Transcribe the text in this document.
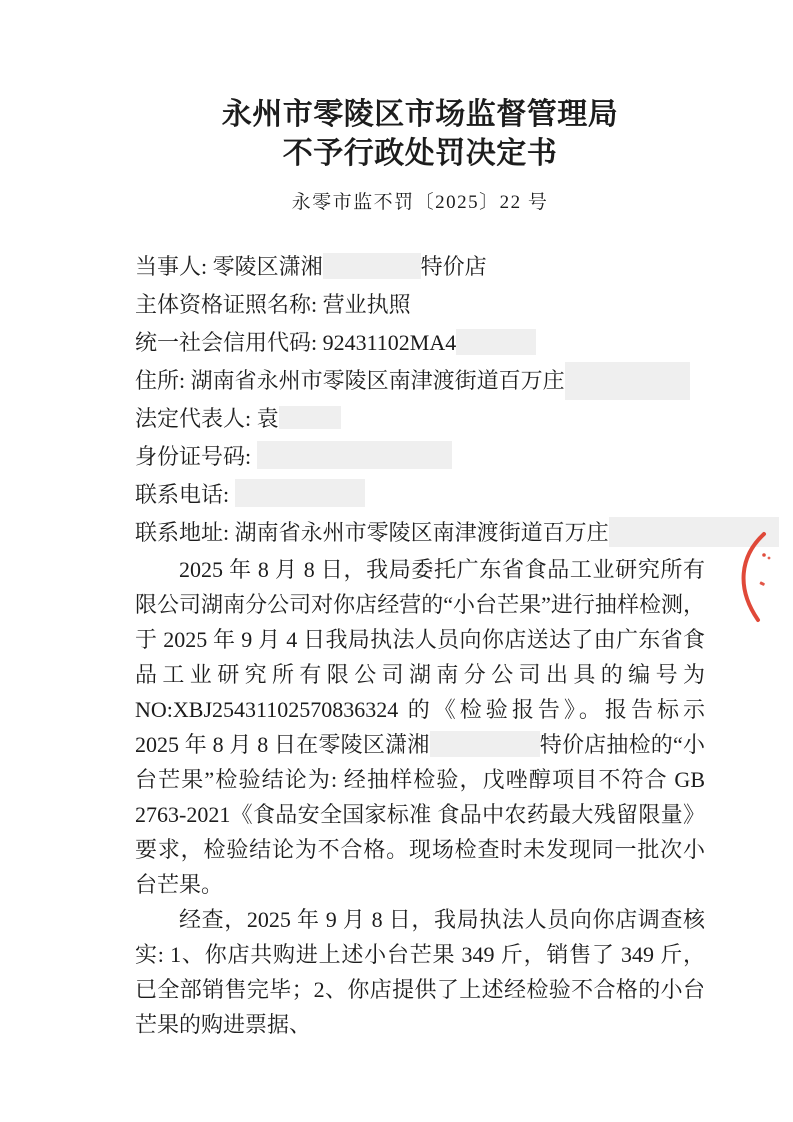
永州市零陵区市场监督管理局
不予行政处罚决定书
永零市监不罚〔2025〕22 号
当事人: 零陵区潇湘	特价店
主体资格证照名称: 营业执照
统一社会信用代码: 92431102MA4
住所: 湖南省永州市零陵区南津渡街道百万庄
法定代表人: 袁
身份证号码:
联系电话:
联系地址: 湖南省永州市零陵区南津渡街道百万庄

2025 年 8 月 8 日，我局委托广东省食品工业研究所有限公司湖南分公司对你店经营的“小台芒果”进行抽样检测，于 2025 年 9 月 4 日我局执法人员向你店送达了由广东省食品工业研究所有限公司湖南分公司出具的编号为 NO:XBJ25431102570836324 的《检验报告》。报告标示 2025 年 8 月 8 日在零陵区潇湘	特价店抽检的“小台芒果”检验结论为: 经抽样检验，戊唑醇项目不符合 GB 2763-2021《食品安全国家标准 食品中农药最大残留限量》要求，检验结论为不合格。现场检查时未发现同一批次小台芒果。

经查，2025 年 9 月 8 日，我局执法人员向你店调查核实: 1、你店共购进上述小台芒果 349 斤，销售了 349 斤，已全部销售完毕；2、你店提供了上述经检验不合格的小台芒果的购进票据、
